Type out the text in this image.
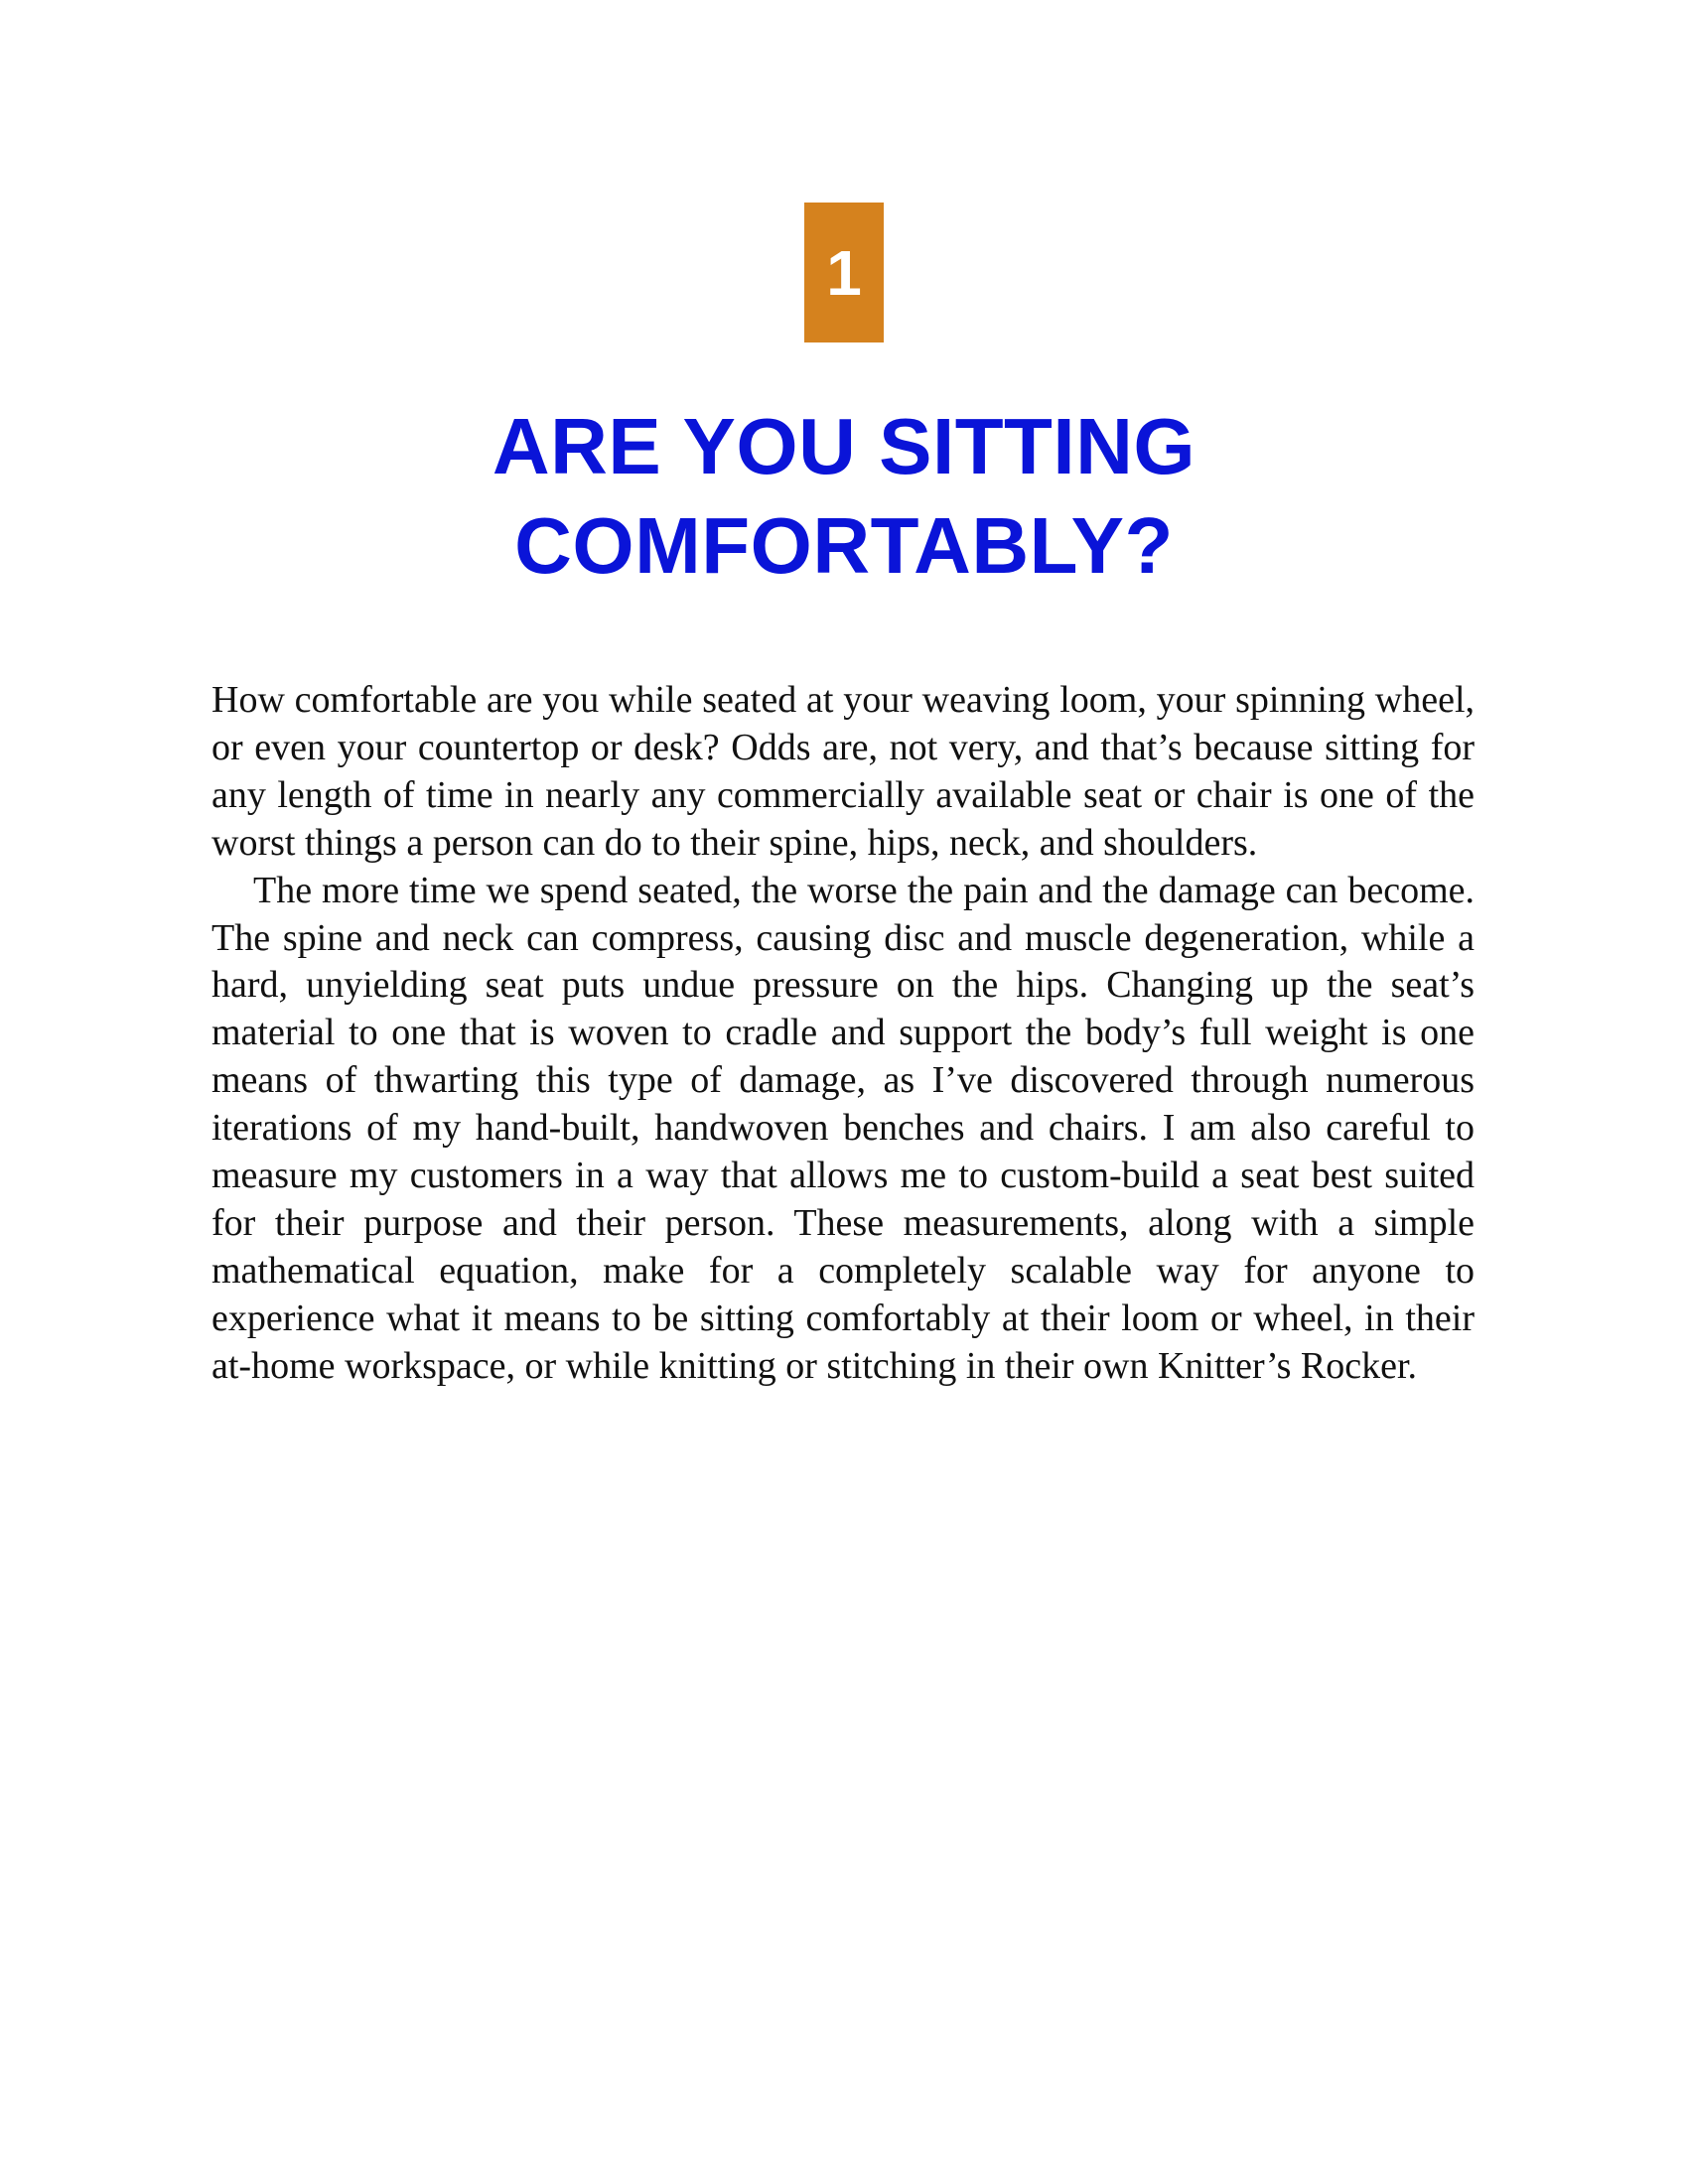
1
ARE YOU SITTING
COMFORTABLY?

How comfortable are you while seated at your weaving loom, your spinning wheel, or even your countertop or desk? Odds are, not very, and that’s because sitting for any length of time in nearly any commercially available seat or chair is one of the worst things a person can do to their spine, hips, neck, and shoulders.

The more time we spend seated, the worse the pain and the damage can become. The spine and neck can compress, causing disc and muscle degeneration, while a hard, unyielding seat puts undue pressure on the hips. Changing up the seat’s material to one that is woven to cradle and support the body’s full weight is one means of thwarting this type of damage, as I’ve discovered through numerous iterations of my hand-built, handwoven benches and chairs. I am also careful to measure my customers in a way that allows me to custom-build a seat best suited for their purpose and their person. These measurements, along with a simple mathematical equation, make for a completely scalable way for anyone to experience what it means to be sitting comfortably at their loom or wheel, in their at-home workspace, or while knitting or stitching in their own Knitter’s Rocker.
